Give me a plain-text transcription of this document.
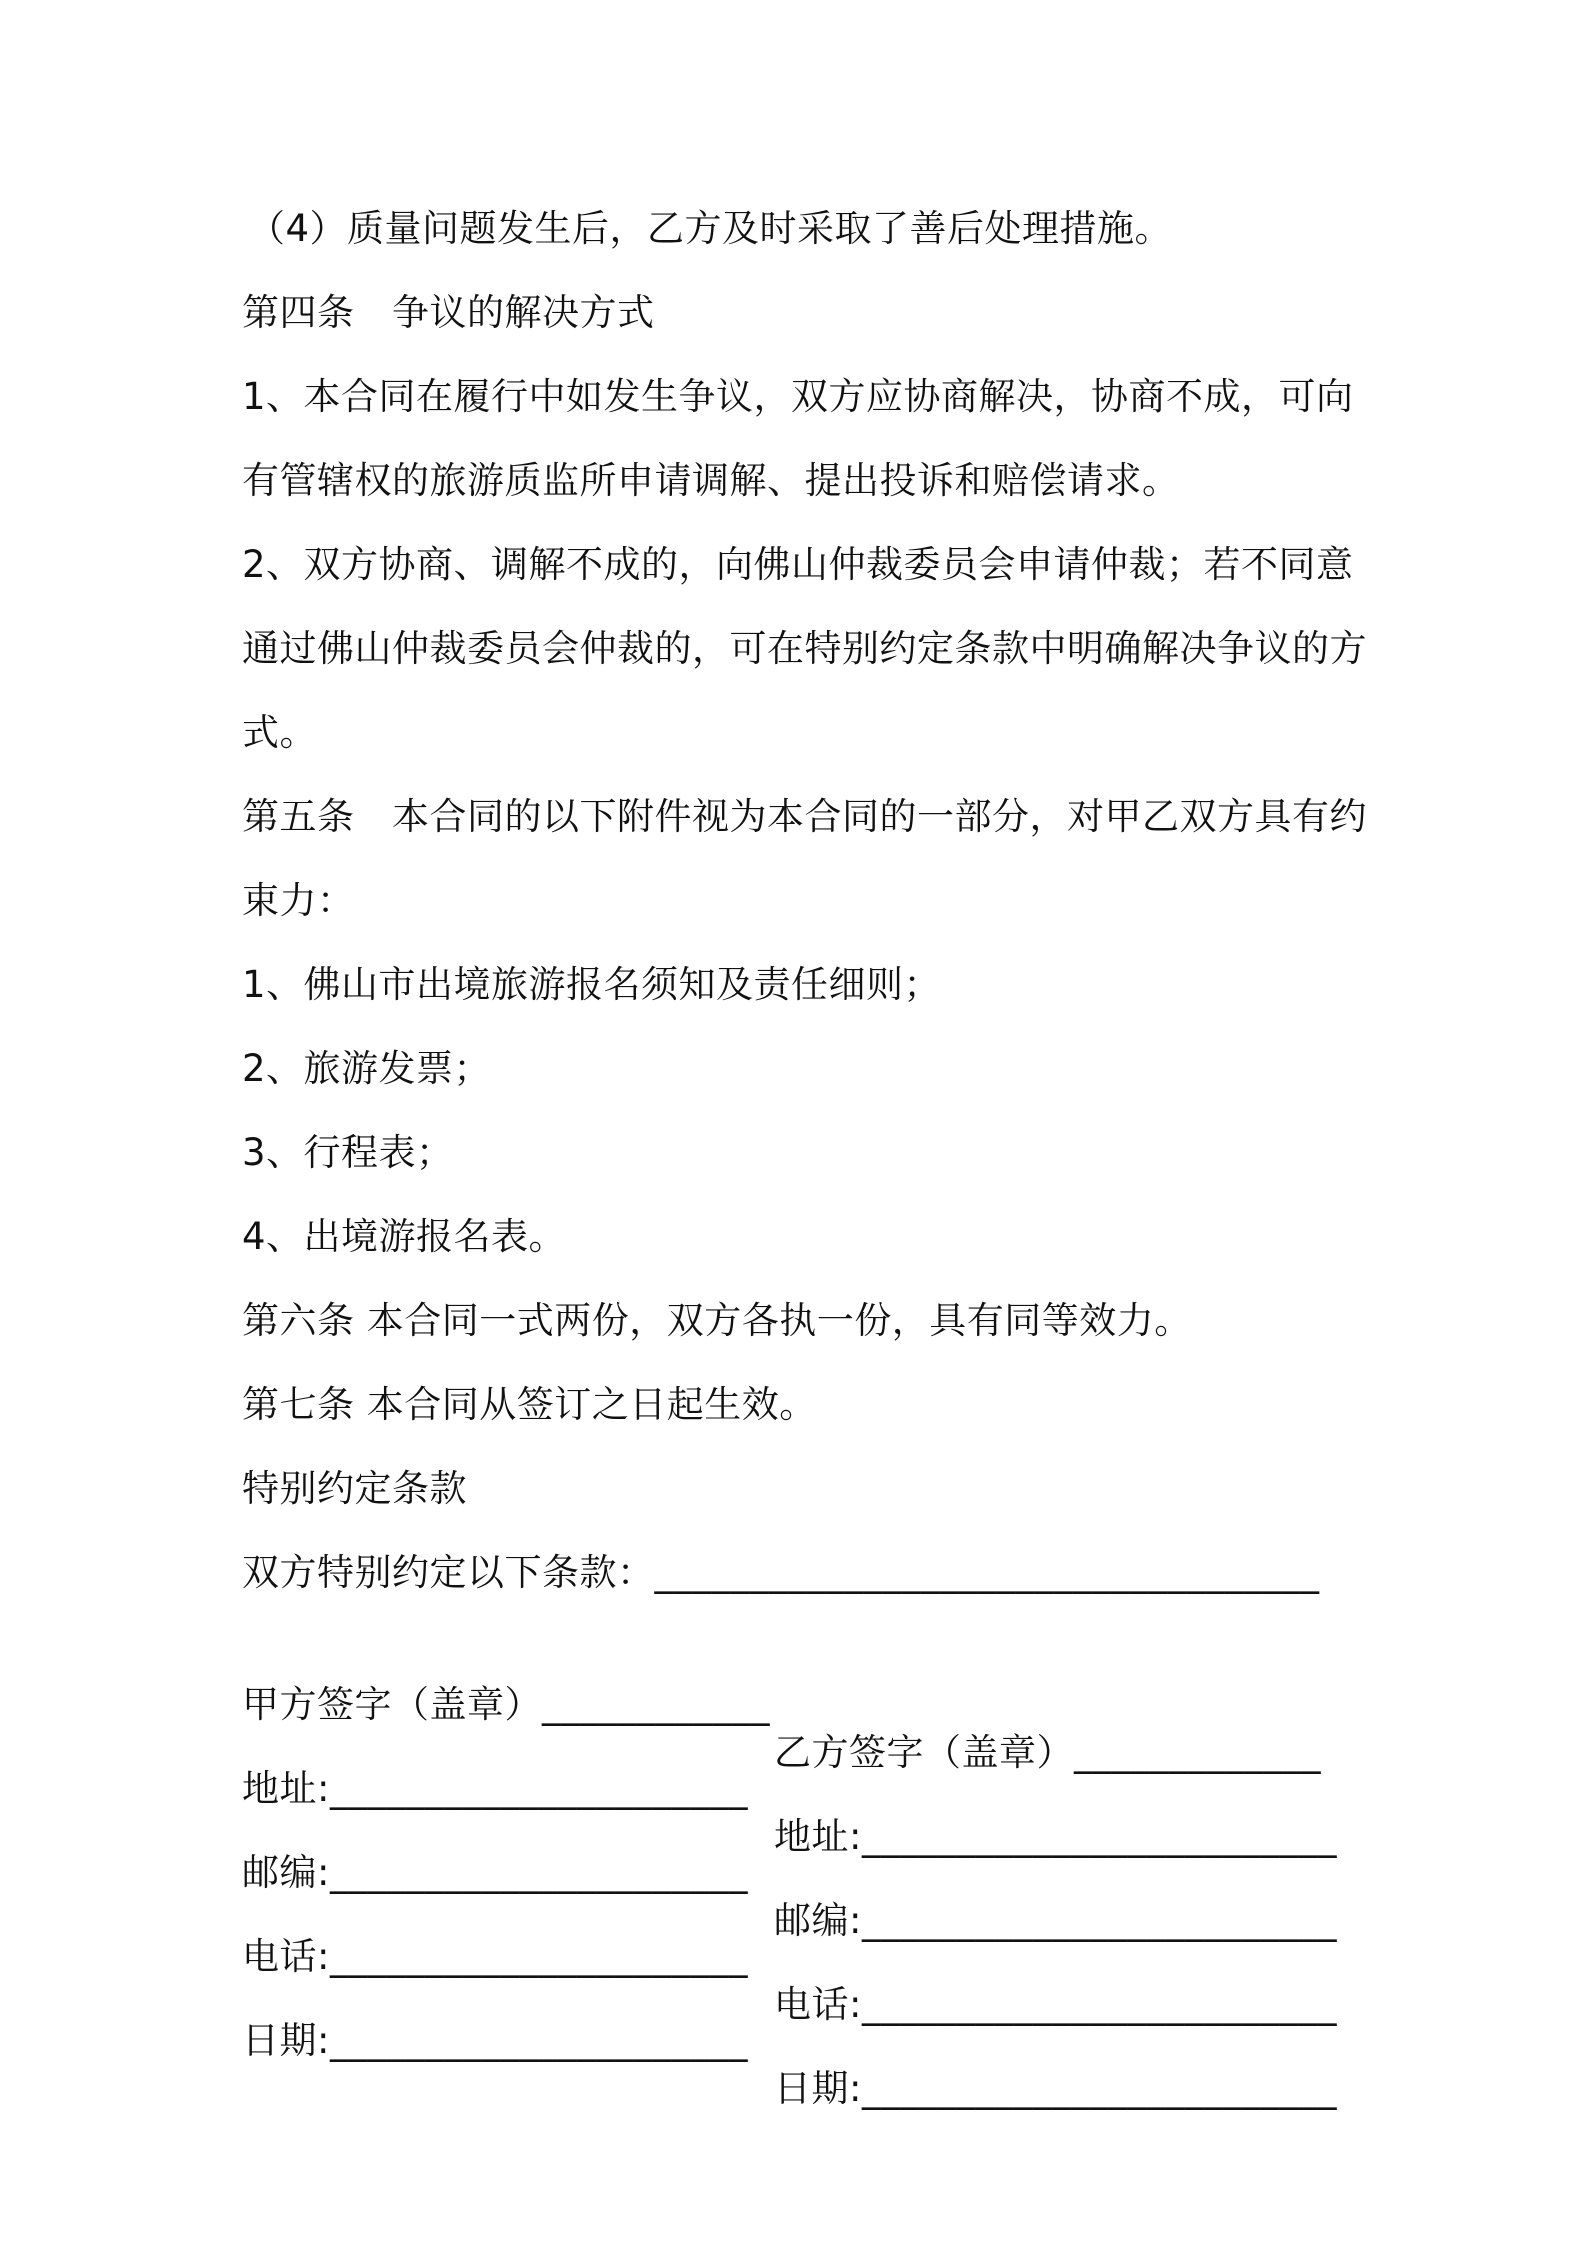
（4）质量问题发生后，乙方及时采取了善后处理措施。
第四条　争议的解决方式
1、本合同在履行中如发生争议，双方应协商解决，协商不成，可向
有管辖权的旅游质监所申请调解、提出投诉和赔偿请求。
2、双方协商、调解不成的，向佛山仲裁委员会申请仲裁；若不同意
通过佛山仲裁委员会仲裁的，可在特别约定条款中明确解决争议的方
式。
第五条　本合同的以下附件视为本合同的一部分，对甲乙双方具有约
束力：
1、佛山市出境旅游报名须知及责任细则；
2、旅游发票；
3、行程表；
4、出境游报名表。
第六条 本合同一式两份，双方各执一份，具有同等效力。
第七条 本合同从签订之日起生效。
特别约定条款
双方特别约定以下条款：___________________________________

甲方签字（盖章）____________

乙方签字（盖章）_____________

地址:______________________

地址:_________________________

邮编:______________________

邮编:_________________________

电话:______________________

电话:_________________________

日期:______________________

日期:_________________________
